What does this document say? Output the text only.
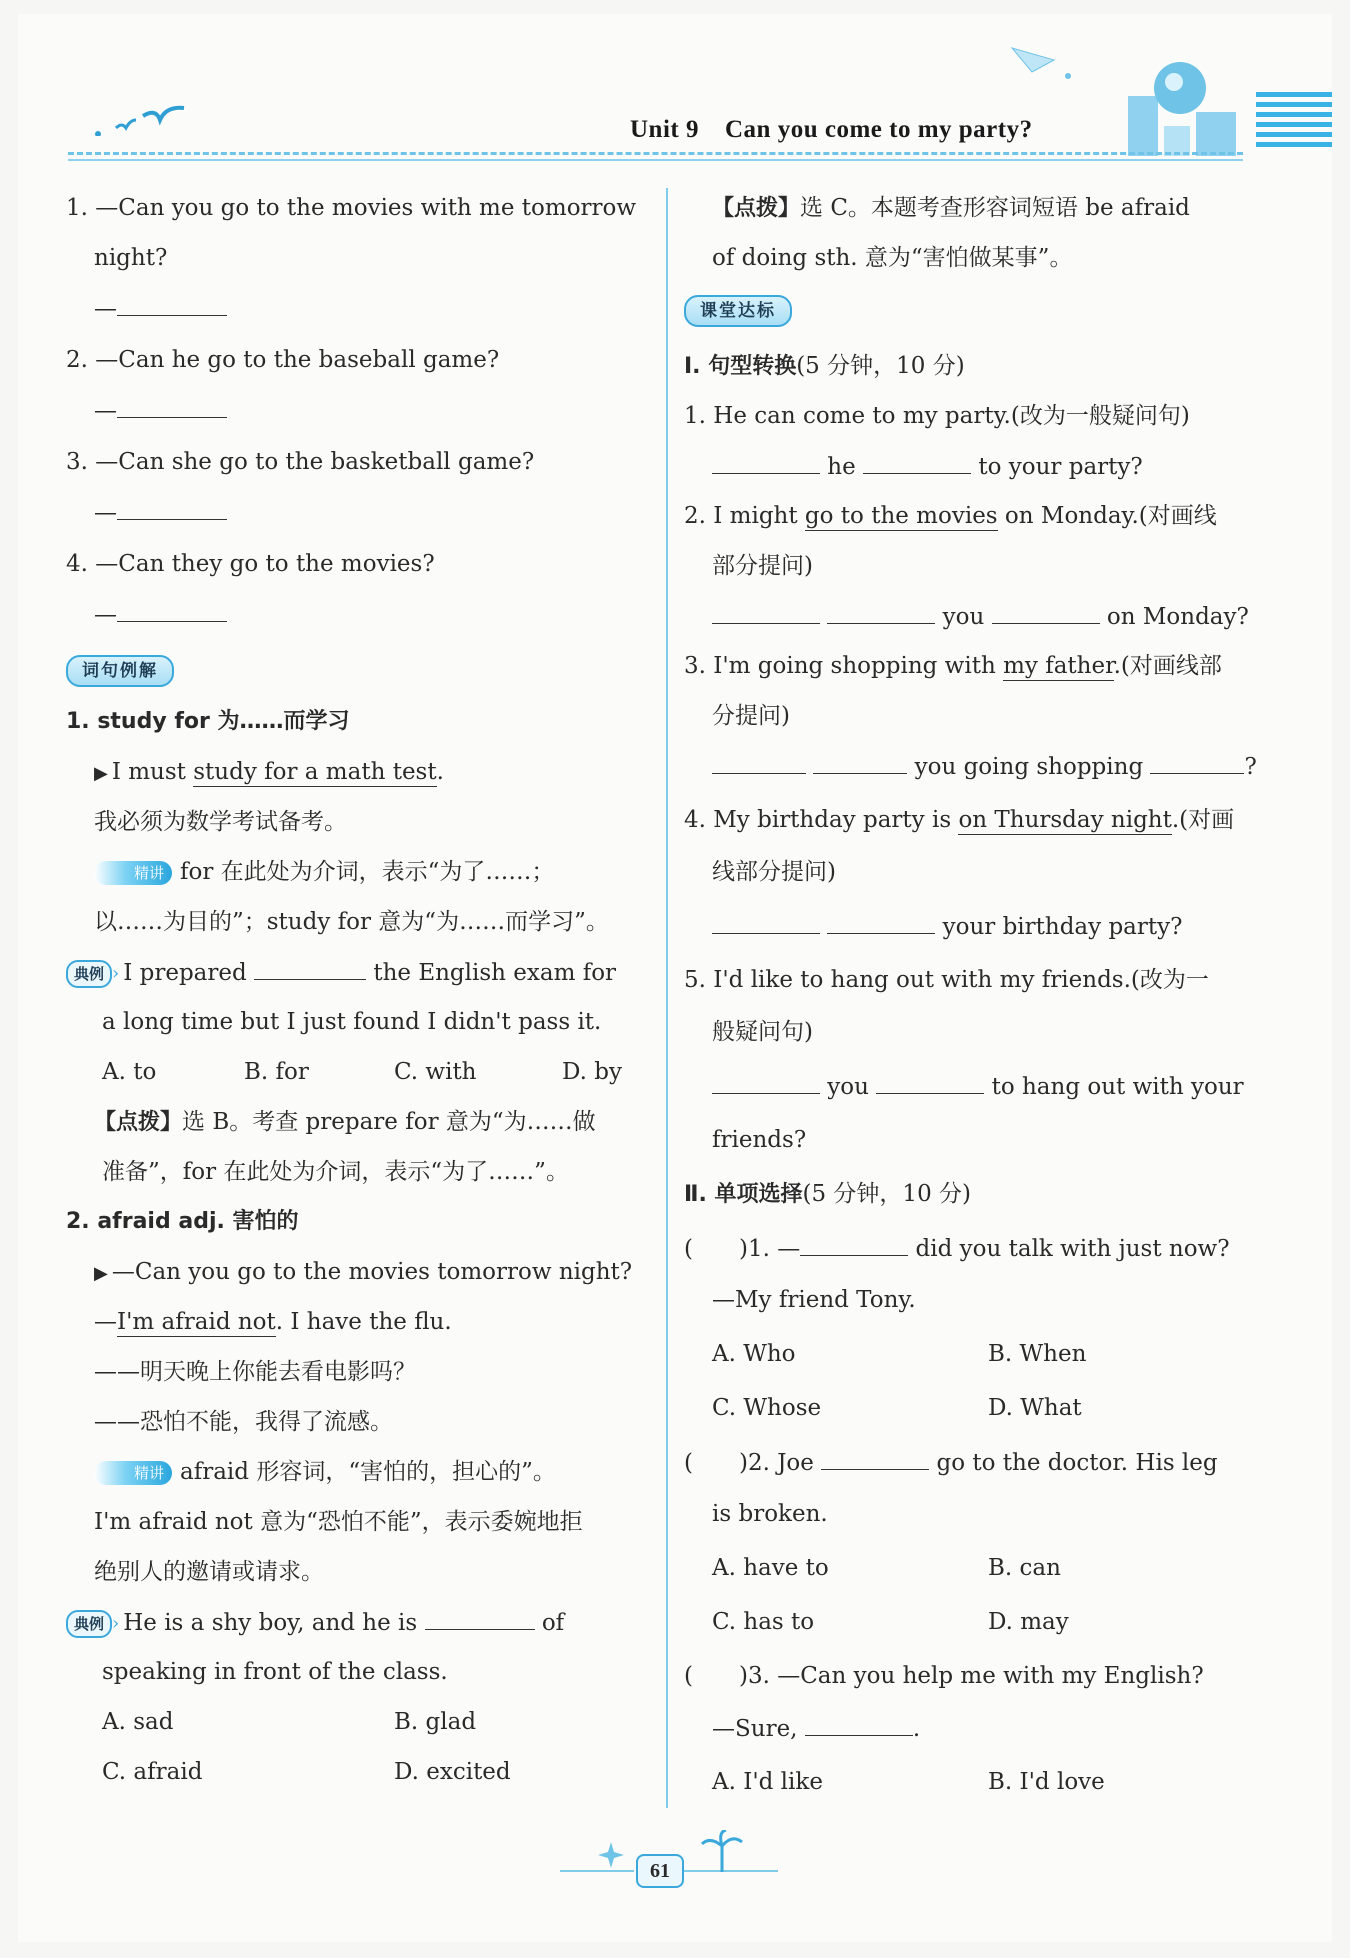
Unit 9 Can you come to my party?
1. —Can you go to the movies with me tomorrow
night?
—
2. —Can he go to the baseball game?
—
3. —Can she go to the basketball game?
—
4. —Can they go to the movies?
—
词句例解
1. study for 为……而学习
▶ I must study for a math test.
我必须为数学考试备考。
精讲 for 在此处为介词，表示“为了……；
以……为目的”；study for 意为“为……而学习”。
典例 › I prepared	the English exam for
a long time but I just found I didn't pass it.
A. to	B. for	C. with	D. by
【点拨】选 B。考查 prepare for 意为“为……做
准备”，for 在此处为介词，表示“为了……”。
2. afraid adj. 害怕的
▶ —Can you go to the movies tomorrow night?
—I'm afraid not. I have the flu.
——明天晚上你能去看电影吗？
——恐怕不能，我得了流感。
精讲 afraid 形容词，“害怕的，担心的”。
I'm afraid not 意为“恐怕不能”，表示委婉地拒
绝别人的邀请或请求。
典例 › He is a shy boy, and he is	of
speaking in front of the class.
A. sad	B. glad
C. afraid	D. excited
【点拨】选 C。本题考查形容词短语 be afraid
of doing sth. 意为“害怕做某事”。
课堂达标
Ⅰ. 句型转换(5 分钟，10 分)
1. He can come to my party.(改为一般疑问句)
he	to your party?
2. I might go to the movies on Monday.(对画线
部分提问)
you	on Monday?
3. I'm going shopping with my father.(对画线部
分提问)
you going shopping	?
4. My birthday party is on Thursday night.(对画
线部分提问)
your birthday party?
5. I'd like to hang out with my friends.(改为一
般疑问句)
you	to hang out with your
friends?
Ⅱ. 单项选择(5 分钟，10 分)
(　　)1. —	did you talk with just now?
—My friend Tony.
A. Who	B. When
C. Whose	D. What
(　　)2. Joe	go to the doctor. His leg
is broken.
A. have to	B. can
C. has to	D. may
(　　)3. —Can you help me with my English?
—Sure,	.
A. I'd like	B. I'd love
61
